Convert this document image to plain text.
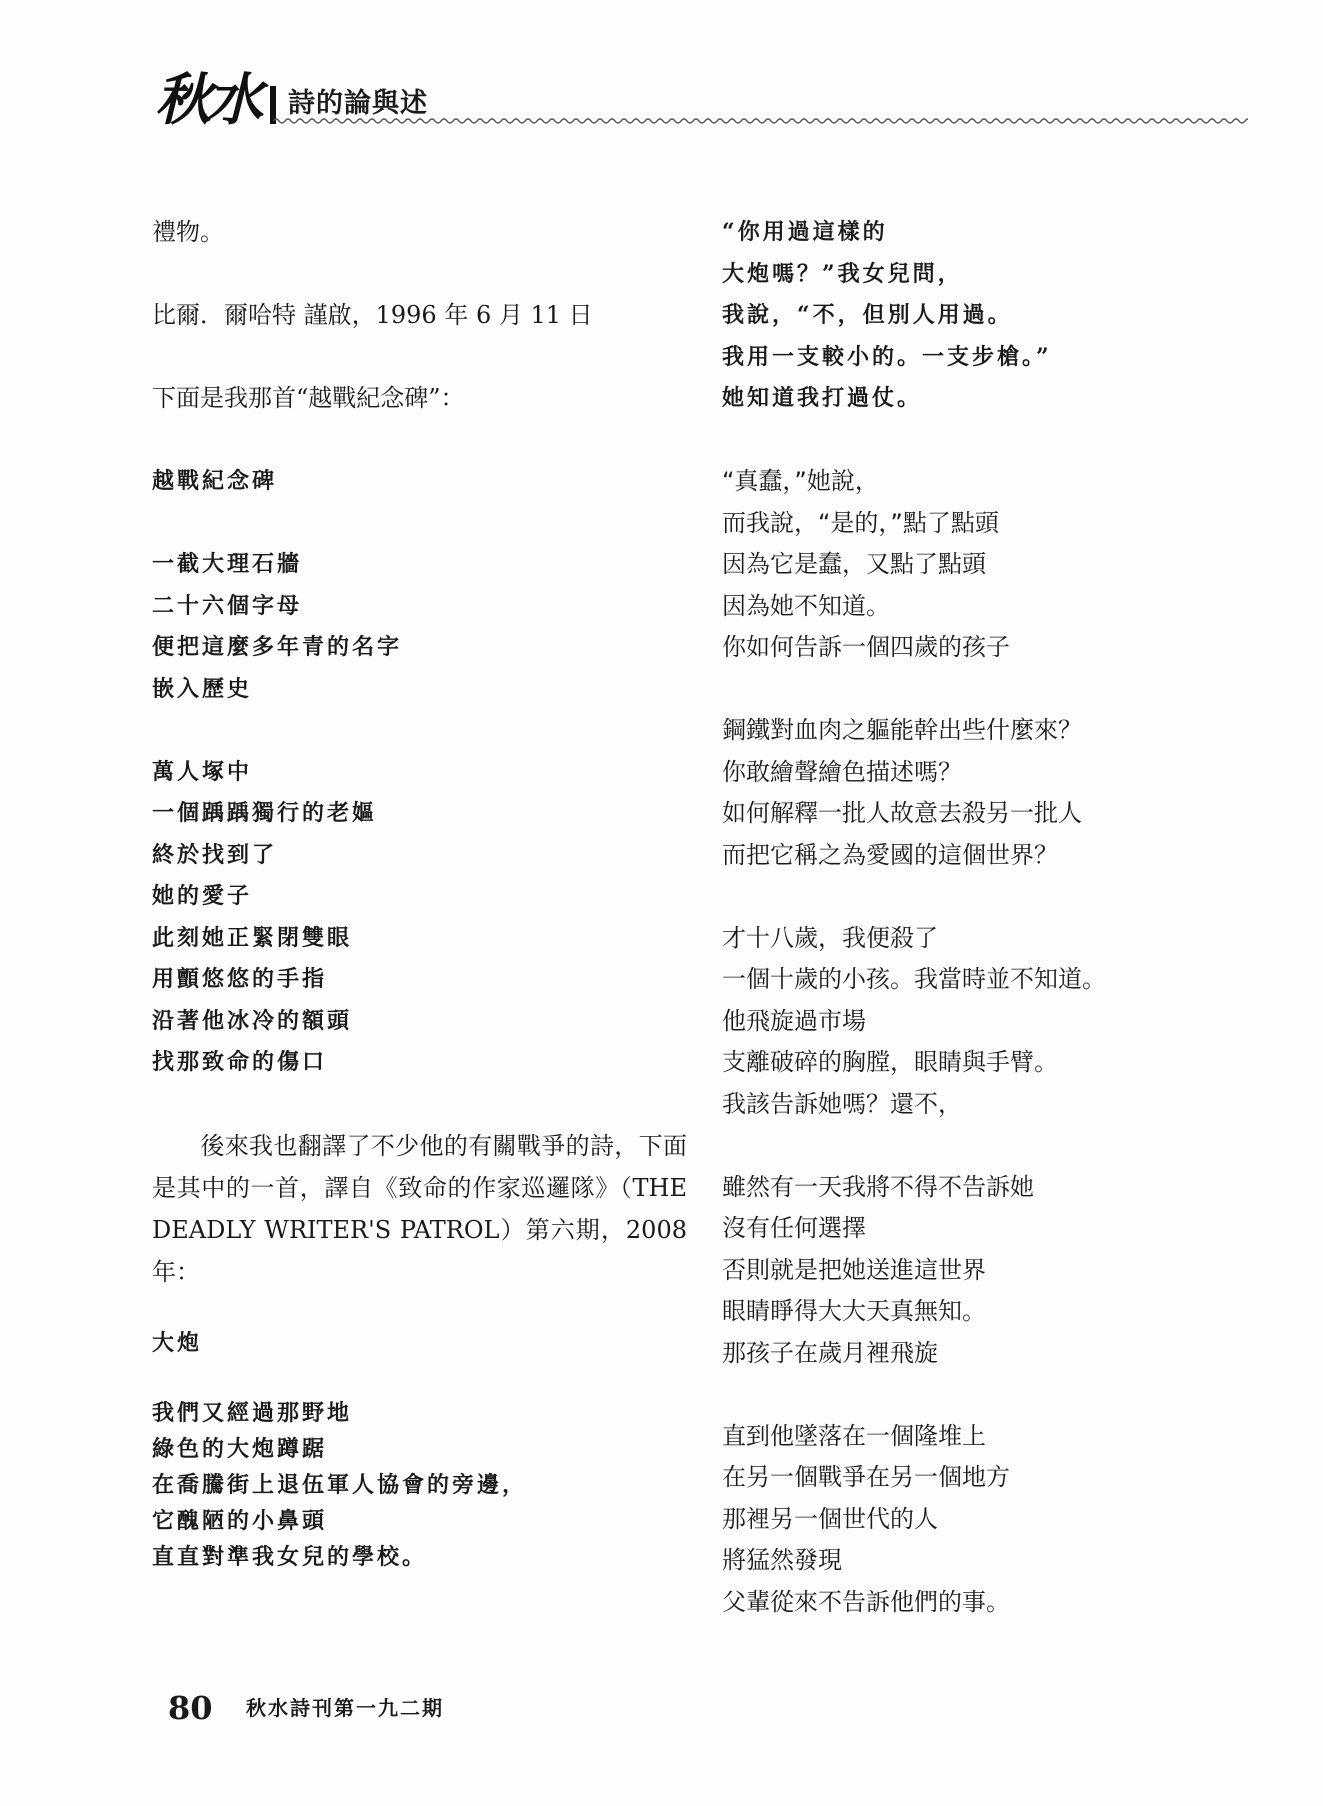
秋水 詩的論與述
禮物。
比爾．爾哈特 謹啟，1996 年 6 月 11 日
下面是我那首“越戰紀念碑”：
越戰紀念碑
一截大理石牆
二十六個字母
便把這麼多年青的名字
嵌入歷史
萬人塚中
一個踽踽獨行的老嫗
終於找到了
她的愛子
此刻她正緊閉雙眼
用顫悠悠的手指
沿著他冰冷的額頭
找那致命的傷口
後來我也翻譯了不少他的有關戰爭的詩，下面是其中的一首，譯自《致命的作家巡邏隊》（THE DEADLY WRITER'S PATROL）第六期，2008 年：
大炮
我們又經過那野地
綠色的大炮蹲踞
在喬騰街上退伍軍人協會的旁邊，
它醜陋的小鼻頭
直直對準我女兒的學校。
“你用過這樣的
大炮嗎？”我女兒問，
我說，“不，但別人用過。
我用一支較小的。一支步槍。”
她知道我打過仗。
“真蠢，”她說，
而我說，“是的，”點了點頭
因為它是蠢，又點了點頭
因為她不知道。
你如何告訴一個四歲的孩子
鋼鐵對血肉之軀能幹出些什麼來？
你敢繪聲繪色描述嗎？
如何解釋一批人故意去殺另一批人
而把它稱之為愛國的這個世界？
才十八歲，我便殺了
一個十歲的小孩。我當時並不知道。
他飛旋過市場
支離破碎的胸膛，眼睛與手臂。
我該告訴她嗎？還不，
雖然有一天我將不得不告訴她
沒有任何選擇
否則就是把她送進這世界
眼睛睜得大大天真無知。
那孩子在歲月裡飛旋
直到他墜落在一個隆堆上
在另一個戰爭在另一個地方
那裡另一個世代的人
將猛然發現
父輩從來不告訴他們的事。
80 秋水詩刊第一九二期
